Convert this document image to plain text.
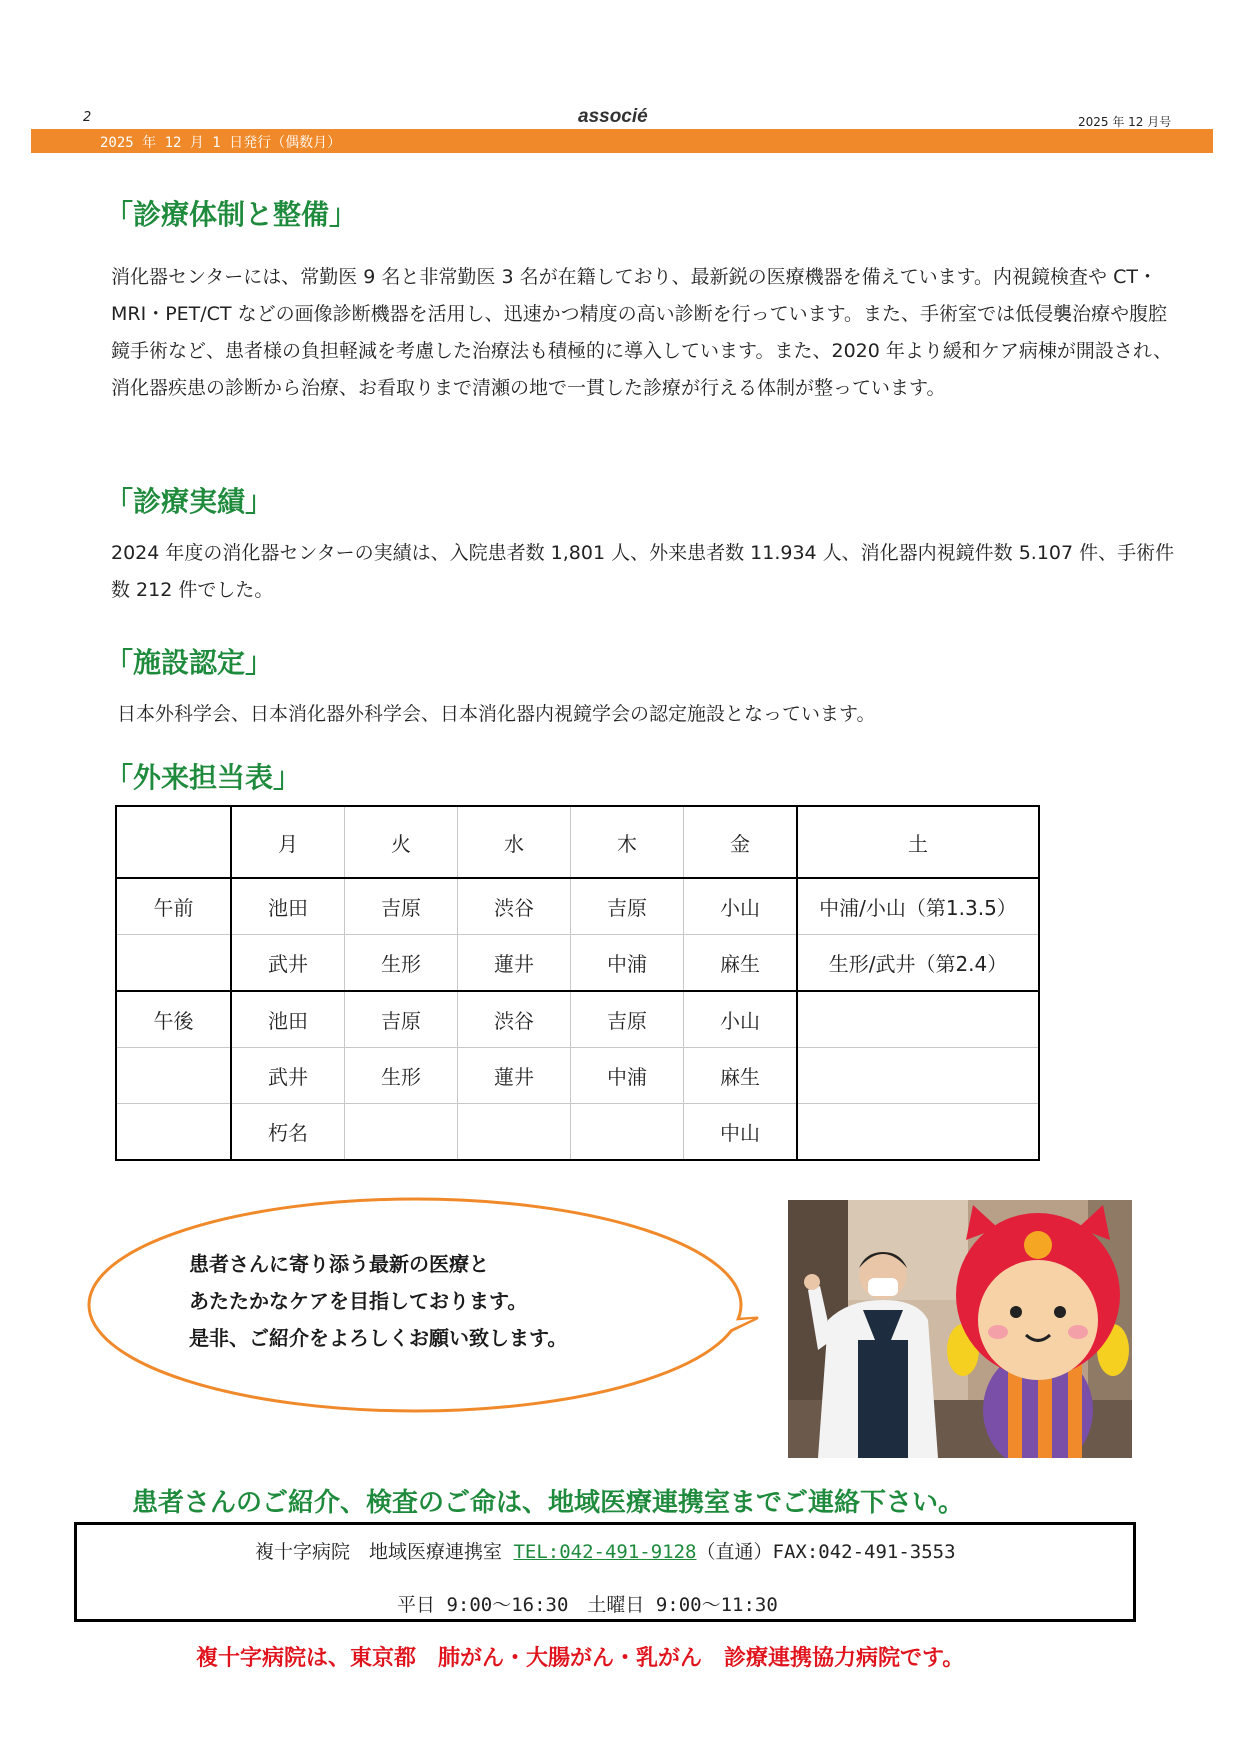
2	associé	2025 年 12 月号
2025 年 12 月 1 日発行（偶数月）
「診療体制と整備」

消化器センターには、常勤医 9 名と非常勤医 3 名が在籍しており、最新鋭の医療機器を備えています。内視鏡検査や CT・MRI・PET/CT などの画像診断機器を活用し、迅速かつ精度の高い診断を行っています。また、手術室では低侵襲治療や腹腔鏡手術など、患者様の負担軽減を考慮した治療法も積極的に導入しています。また、2020 年より緩和ケア病棟が開設され、消化器疾患の診断から治療、お看取りまで清瀬の地で一貫した診療が行える体制が整っています。

「診療実績」

2024 年度の消化器センターの実績は、入院患者数 1,801 人、外来患者数 11.934 人、消化器内視鏡件数 5.107 件、手術件数 212 件でした。

「施設認定」

日本外科学会、日本消化器外科学会、日本消化器内視鏡学会の認定施設となっています。

「外来担当表」
	月	火	水	木	金	土
午前	池田	吉原	渋谷	吉原	小山	中浦/小山（第1.3.5）
	武井	生形	蓮井	中浦	麻生	生形/武井（第2.4）
午後	池田	吉原	渋谷	吉原	小山	
	武井	生形	蓮井	中浦	麻生	
	朽名				中山	
患者さんに寄り添う最新の医療と
あたたかなケアを目指しております。
是非、ご紹介をよろしくお願い致します。
患者さんのご紹介、検査のご命は、地域医療連携室までご連絡下さい。
複十字病院　地域医療連携室 TEL:042-491-9128（直通）FAX:042-491-3553
平日 9:00～16:30　土曜日 9:00～11:30
複十字病院は、東京都　肺がん・大腸がん・乳がん　診療連携協力病院です。
